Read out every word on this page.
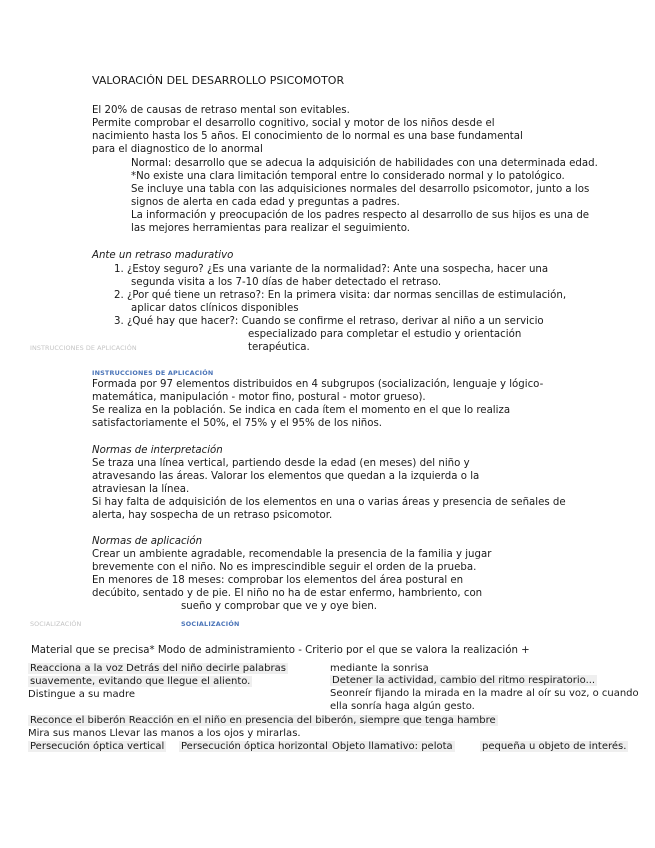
VALORACIÓN DEL DESARROLLO PSICOMOTOR
El 20% de causas de retraso mental son evitables.
Permite comprobar el desarrollo cognitivo, social y motor de los niños desde el
nacimiento hasta los 5 años. El conocimiento de lo normal es una base fundamental
para el diagnostico de lo anormal
Normal: desarrollo que se adecua la adquisición de habilidades con una determinada edad.
*No existe una clara limitación temporal entre lo considerado normal y lo patológico.
Se incluye una tabla con las adquisiciones normales del desarrollo psicomotor, junto a los
signos de alerta en cada edad y preguntas a padres.
La información y preocupación de los padres respecto al desarrollo de sus hijos es una de
las mejores herramientas para realizar el seguimiento.
Ante un retraso madurativo
1. ¿Estoy seguro? ¿Es una variante de la normalidad?: Ante una sospecha, hacer una
segunda visita a los 7-10 días de haber detectado el retraso.
2. ¿Por qué tiene un retraso?: En la primera visita: dar normas sencillas de estimulación,
aplicar datos clínicos disponibles
3. ¿Qué hay que hacer?: Cuando se confirme el retraso, derivar al niño a un servicio
especializado para completar el estudio y orientación
terapéutica.
INSTRUCCIONES DE APLICACIÓN
INSTRUCCIONES DE APLICACIÓN
Formada por 97 elementos distribuidos en 4 subgrupos (socialización, lenguaje y lógico-
matemática, manipulación - motor fino, postural - motor grueso).
Se realiza en la población. Se indica en cada ítem el momento en el que lo realiza
satisfactoriamente el 50%, el 75% y el 95% de los niños.
Normas de interpretación
Se traza una línea vertical, partiendo desde la edad (en meses) del niño y
atravesando las áreas. Valorar los elementos que quedan a la izquierda o la
atraviesan la línea.
Si hay falta de adquisición de los elementos en una o varias áreas y presencia de señales de
alerta, hay sospecha de un retraso psicomotor.
Normas de aplicación
Crear un ambiente agradable, recomendable la presencia de la familia y jugar
brevemente con el niño. No es imprescindible seguir el orden de la prueba.
En menores de 18 meses: comprobar los elementos del área postural en
decúbito, sentado y de pie. El niño no ha de estar enfermo, hambriento, con
sueño y comprobar que ve y oye bien.
SOCIALIZACIÓN	SOCIALIZACIÓN
Material que se precisa* Modo de administramiento - Criterio por el que se valora la realización +
Reacciona a la voz Detrás del niño decirle palabras
suavemente, evitando que llegue el aliento.
Distingue a su madre
mediante la sonrisa
Detener la actividad, cambio del ritmo respiratorio...
Seonreír fijando la mirada en la madre al oír su voz, o cuando
ella sonría haga algún gesto.
Reconce el biberón Reacción en el niño en presencia del biberón, siempre que tenga hambre
Mira sus manos Llevar las manos a los ojos y mirarlas.
Persecución óptica vertical Persecución óptica horizontal Objeto llamativo: pelota	pequeña u objeto de interés.
